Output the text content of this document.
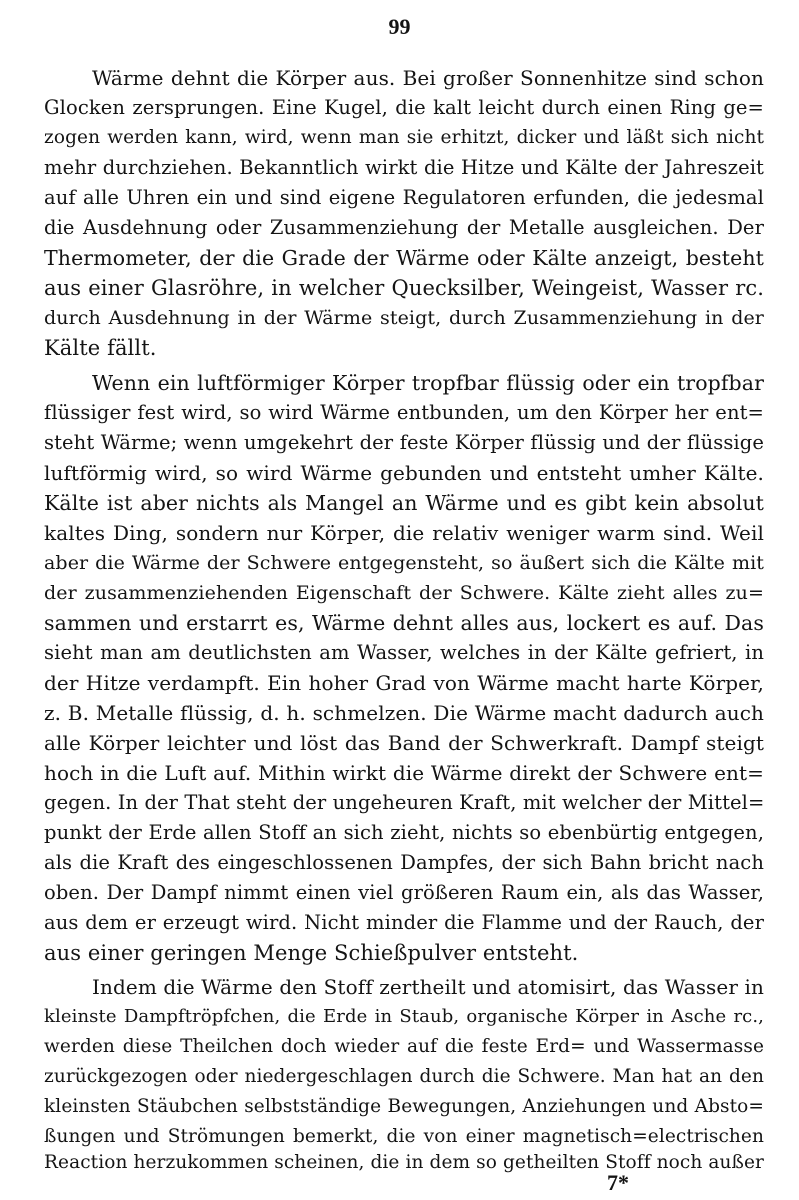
99
Wärme dehnt die Körper aus. Bei großer Sonnenhitze sind schon
Glocken zersprungen. Eine Kugel, die kalt leicht durch einen Ring ge=
zogen werden kann, wird, wenn man sie erhitzt, dicker und läßt sich nicht
mehr durchziehen. Bekanntlich wirkt die Hitze und Kälte der Jahreszeit
auf alle Uhren ein und sind eigene Regulatoren erfunden, die jedesmal
die Ausdehnung oder Zusammenziehung der Metalle ausgleichen. Der
Thermometer, der die Grade der Wärme oder Kälte anzeigt, besteht
aus einer Glasröhre, in welcher Quecksilber, Weingeist, Wasser rc.
durch Ausdehnung in der Wärme steigt, durch Zusammenziehung in der
Kälte fällt.
Wenn ein luftförmiger Körper tropfbar flüssig oder ein tropfbar
flüssiger fest wird, so wird Wärme entbunden, um den Körper her ent=
steht Wärme; wenn umgekehrt der feste Körper flüssig und der flüssige
luftförmig wird, so wird Wärme gebunden und entsteht umher Kälte.
Kälte ist aber nichts als Mangel an Wärme und es gibt kein absolut
kaltes Ding, sondern nur Körper, die relativ weniger warm sind. Weil
aber die Wärme der Schwere entgegensteht, so äußert sich die Kälte mit
der zusammenziehenden Eigenschaft der Schwere. Kälte zieht alles zu=
sammen und erstarrt es, Wärme dehnt alles aus, lockert es auf. Das
sieht man am deutlichsten am Wasser, welches in der Kälte gefriert, in
der Hitze verdampft. Ein hoher Grad von Wärme macht harte Körper,
z. B. Metalle flüssig, d. h. schmelzen. Die Wärme macht dadurch auch
alle Körper leichter und löst das Band der Schwerkraft. Dampf steigt
hoch in die Luft auf. Mithin wirkt die Wärme direkt der Schwere ent=
gegen. In der That steht der ungeheuren Kraft, mit welcher der Mittel=
punkt der Erde allen Stoff an sich zieht, nichts so ebenbürtig entgegen,
als die Kraft des eingeschlossenen Dampfes, der sich Bahn bricht nach
oben. Der Dampf nimmt einen viel größeren Raum ein, als das Wasser,
aus dem er erzeugt wird. Nicht minder die Flamme und der Rauch, der
aus einer geringen Menge Schießpulver entsteht.
Indem die Wärme den Stoff zertheilt und atomisirt, das Wasser in
kleinste Dampftröpfchen, die Erde in Staub, organische Körper in Asche rc.,
werden diese Theilchen doch wieder auf die feste Erd= und Wassermasse
zurückgezogen oder niedergeschlagen durch die Schwere. Man hat an den
kleinsten Stäubchen selbstständige Bewegungen, Anziehungen und Absto=
ßungen und Strömungen bemerkt, die von einer magnetisch=electrischen
Reaction herzukommen scheinen, die in dem so getheilten Stoff noch außer
7*
